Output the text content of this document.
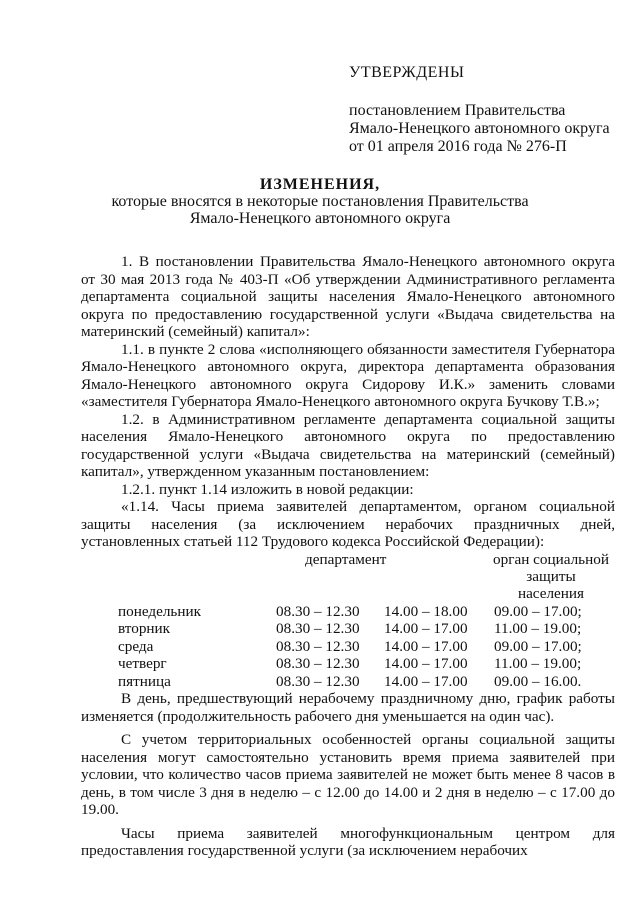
УТВЕРЖДЕНЫ
постановлением Правительства
Ямало-Ненецкого автономного округа
от 01 апреля 2016 года № 276-П
ИЗМЕНЕНИЯ,
которые вносятся в некоторые постановления Правительства
Ямало-Ненецкого автономного округа

1. В постановлении Правительства Ямало-Ненецкого автономного округа от 30 мая 2013 года № 403-П «Об утверждении Административного регламента департамента социальной защиты населения Ямало-Ненецкого автономного округа по предоставлению государственной услуги «Выдача свидетельства на материнский (семейный) капитал»:

1.1. в пункте 2 слова «исполняющего обязанности заместителя Губернатора Ямало-Ненецкого автономного округа, директора департамента образования Ямало-Ненецкого автономного округа Сидорову И.К.» заменить словами «заместителя Губернатора Ямало-Ненецкого автономного округа Бучкову Т.В.»;

1.2. в Административном регламенте департамента социальной защиты населения Ямало-Ненецкого автономного округа по предоставлению государственной услуги «Выдача свидетельства на материнский (семейный) капитал», утвержденном указанным постановлением:

1.2.1. пункт 1.14 изложить в новой редакции:

«1.14. Часы приема заявителей департаментом, органом социальной защиты населения (за исключением нерабочих праздничных дней, установленных статьей 112 Трудового кодекса Российской Федерации):

департамент	орган социальной
защиты
населения
понедельник	08.30 – 12.30	14.00 – 18.00	09.00 – 17.00;
вторник	08.30 – 12.30	14.00 – 17.00	11.00 – 19.00;
среда	08.30 – 12.30	14.00 – 17.00	09.00 – 17.00;
четверг	08.30 – 12.30	14.00 – 17.00	11.00 – 19.00;
пятница	08.30 – 12.30	14.00 – 17.00	09.00 – 16.00.

В день, предшествующий нерабочему праздничному дню, график работы изменяется (продолжительность рабочего дня уменьшается на один час).

С учетом территориальных особенностей органы социальной защиты населения могут самостоятельно установить время приема заявителей при условии, что количество часов приема заявителей не может быть менее 8 часов в день, в том числе 3 дня в неделю – с 12.00 до 14.00 и 2 дня в неделю – с 17.00 до 19.00.

Часы приема заявителей многофункциональным центром для предоставления государственной услуги (за исключением нерабочих
